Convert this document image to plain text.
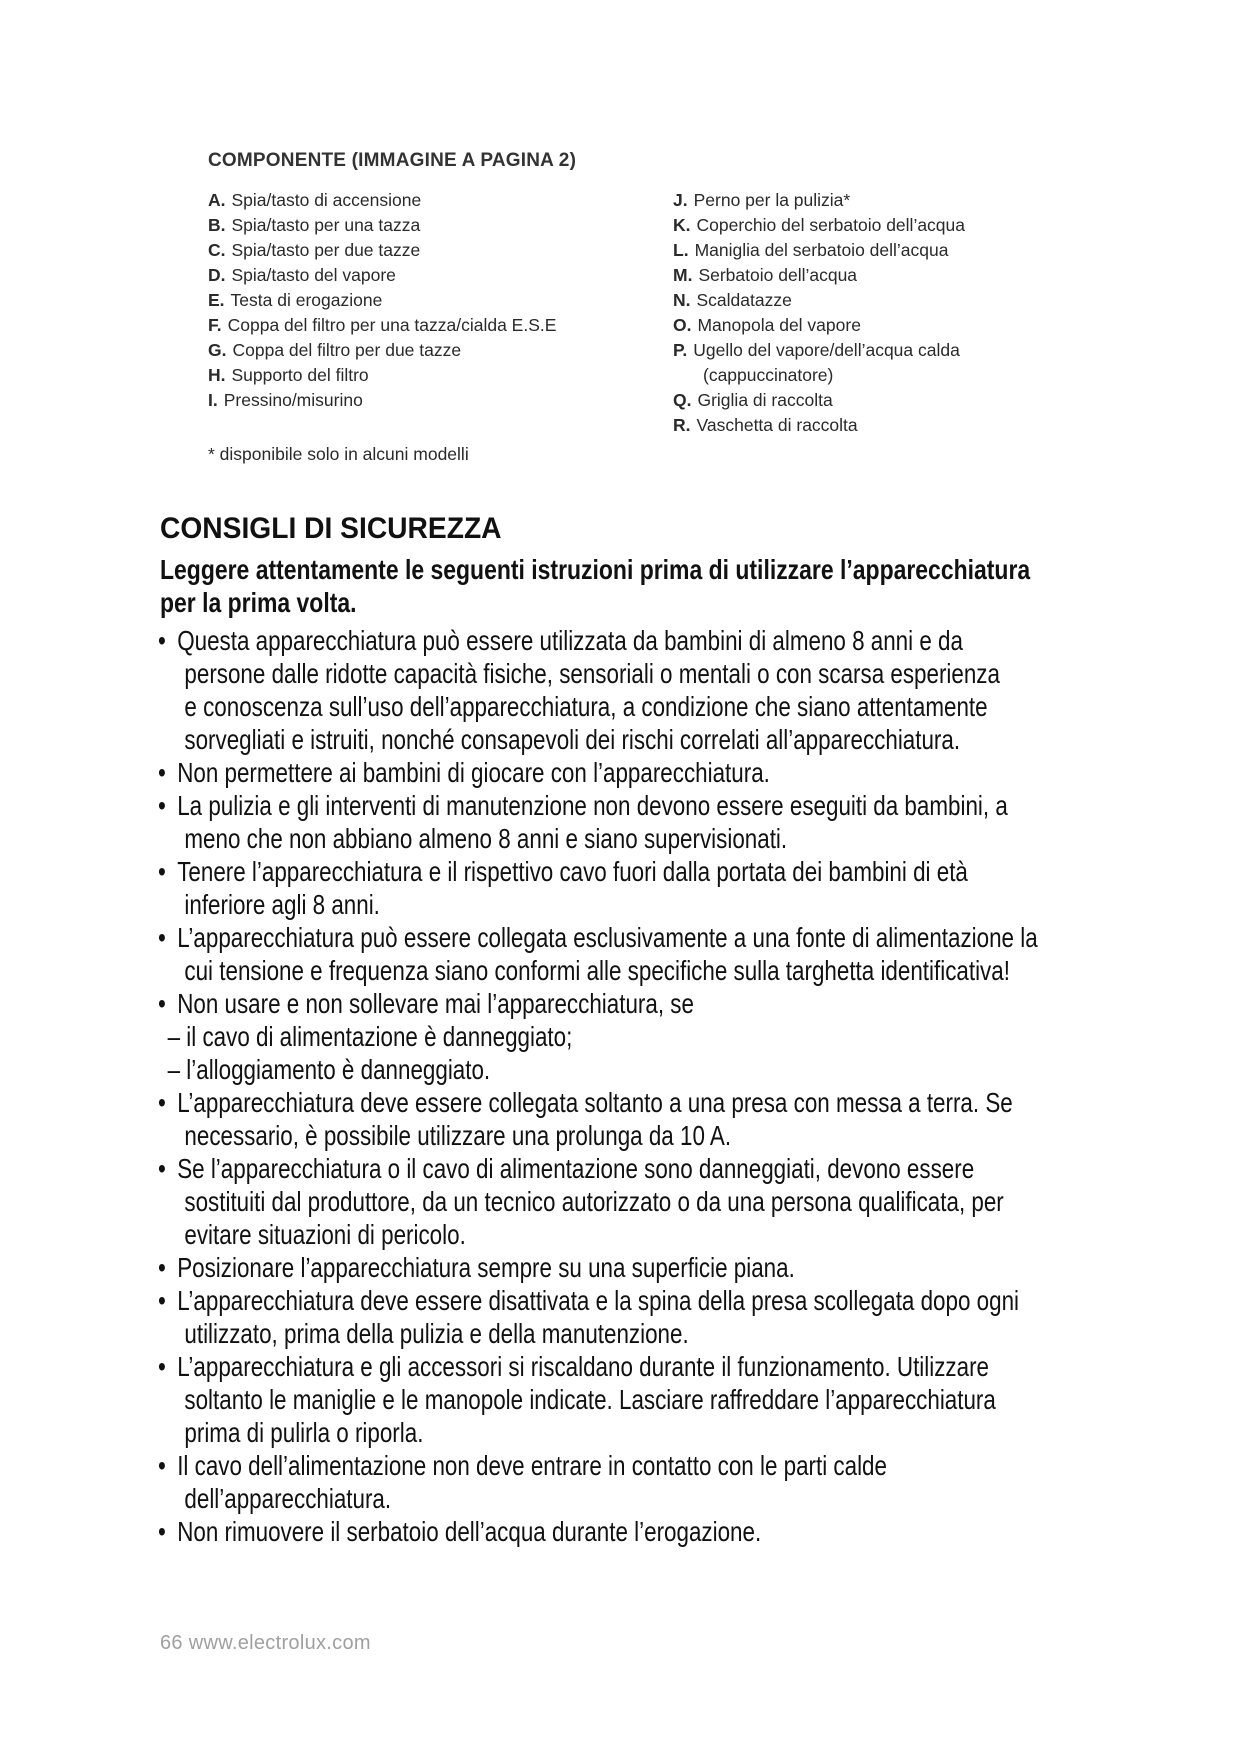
COMPONENTE (IMMAGINE A PAGINA 2)
A. Spia/tasto di accensione
B. Spia/tasto per una tazza
C. Spia/tasto per due tazze
D. Spia/tasto del vapore
E. Testa di erogazione
F. Coppa del filtro per una tazza/cialda E.S.E
G. Coppa del filtro per due tazze
H. Supporto del filtro
I. Pressino/misurino
J. Perno per la pulizia*
K. Coperchio del serbatoio dell’acqua
L. Maniglia del serbatoio dell’acqua
M. Serbatoio dell’acqua
N. Scaldatazze
O. Manopola del vapore
P. Ugello del vapore/dell’acqua calda
(cappuccinatore)
Q. Griglia di raccolta
R. Vaschetta di raccolta
* disponibile solo in alcuni modelli
CONSIGLI DI SICUREZZA
Leggere attentamente le seguenti istruzioni prima di utilizzare l’apparecchiatura
per la prima volta.
• Questa apparecchiatura può essere utilizzata da bambini di almeno 8 anni e da
persone dalle ridotte capacità fisiche, sensoriali o mentali o con scarsa esperienza
e conoscenza sull’uso dell’apparecchiatura, a condizione che siano attentamente
sorvegliati e istruiti, nonché consapevoli dei rischi correlati all’apparecchiatura.
• Non permettere ai bambini di giocare con l’apparecchiatura.
• La pulizia e gli interventi di manutenzione non devono essere eseguiti da bambini, a
meno che non abbiano almeno 8 anni e siano supervisionati.
• Tenere l’apparecchiatura e il rispettivo cavo fuori dalla portata dei bambini di età
inferiore agli 8 anni.
• L’apparecchiatura può essere collegata esclusivamente a una fonte di alimentazione la
cui tensione e frequenza siano conformi alle specifiche sulla targhetta identificativa!
• Non usare e non sollevare mai l’apparecchiatura, se
– il cavo di alimentazione è danneggiato;
– l’alloggiamento è danneggiato.
• L’apparecchiatura deve essere collegata soltanto a una presa con messa a terra. Se
necessario, è possibile utilizzare una prolunga da 10 A.
• Se l’apparecchiatura o il cavo di alimentazione sono danneggiati, devono essere
sostituiti dal produttore, da un tecnico autorizzato o da una persona qualificata, per
evitare situazioni di pericolo.
• Posizionare l’apparecchiatura sempre su una superficie piana.
• L’apparecchiatura deve essere disattivata e la spina della presa scollegata dopo ogni
utilizzato, prima della pulizia e della manutenzione.
• L’apparecchiatura e gli accessori si riscaldano durante il funzionamento. Utilizzare
soltanto le maniglie e le manopole indicate. Lasciare raffreddare l’apparecchiatura
prima di pulirla o riporla.
• Il cavo dell’alimentazione non deve entrare in contatto con le parti calde
dell’apparecchiatura.
• Non rimuovere il serbatoio dell’acqua durante l’erogazione.
66 www.electrolux.com
